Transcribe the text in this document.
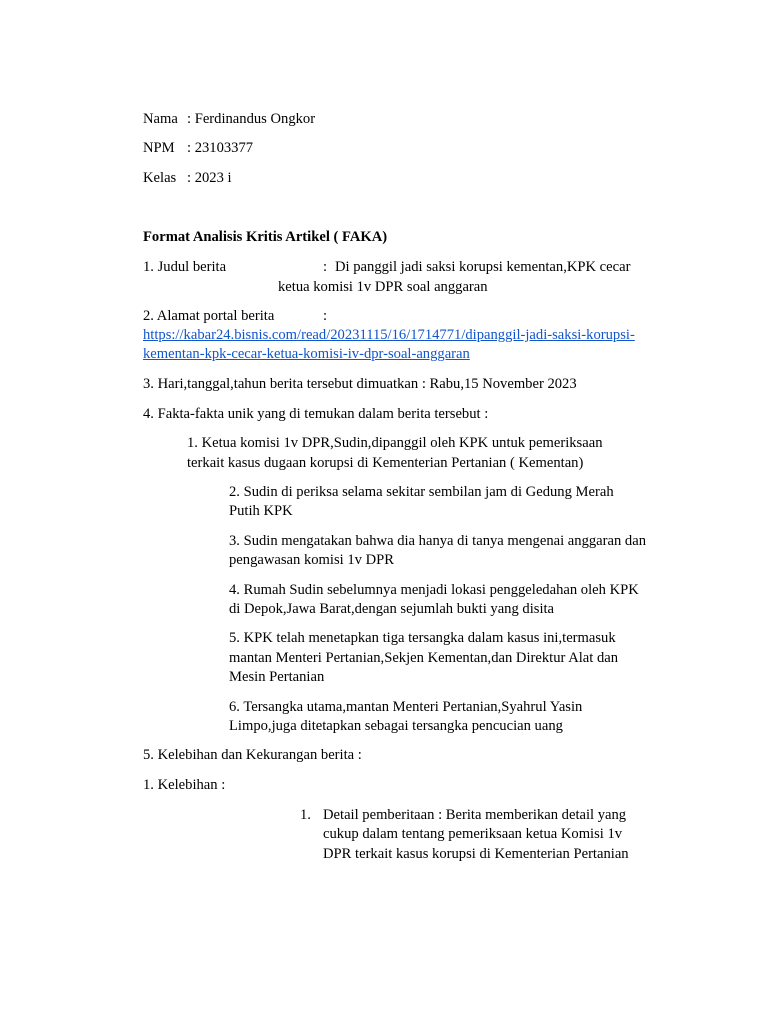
Nama : Ferdinandus Ongkor
NPM : 23103377
Kelas : 2023 i
Format Analisis Kritis Artikel ( FAKA)
1. Judul berita	: Di panggil jadi saksi korupsi kementan,KPK cecar
ketua komisi 1v DPR soal anggaran
2. Alamat portal berita	:
https://kabar24.bisnis.com/read/20231115/16/1714771/dipanggil-jadi-saksi-korupsi-
kementan-kpk-cecar-ketua-komisi-iv-dpr-soal-anggaran
3. Hari,tanggal,tahun berita tersebut dimuatkan : Rabu,15 November 2023
4. Fakta-fakta unik yang di temukan dalam berita tersebut :
1. Ketua komisi 1v DPR,Sudin,dipanggil oleh KPK untuk pemeriksaan
terkait kasus dugaan korupsi di Kementerian Pertanian ( Kementan)
2. Sudin di periksa selama sekitar sembilan jam di Gedung Merah
Putih KPK
3. Sudin mengatakan bahwa dia hanya di tanya mengenai anggaran dan
pengawasan komisi 1v DPR
4. Rumah Sudin sebelumnya menjadi lokasi penggeledahan oleh KPK
di Depok,Jawa Barat,dengan sejumlah bukti yang disita
5. KPK telah menetapkan tiga tersangka dalam kasus ini,termasuk
mantan Menteri Pertanian,Sekjen Kementan,dan Direktur Alat dan
Mesin Pertanian
6. Tersangka utama,mantan Menteri Pertanian,Syahrul Yasin
Limpo,juga ditetapkan sebagai tersangka pencucian uang
5. Kelebihan dan Kekurangan berita :
1. Kelebihan :
1. Detail pemberitaan : Berita memberikan detail yang
cukup dalam tentang pemeriksaan ketua Komisi 1v
DPR terkait kasus korupsi di Kementerian Pertanian
